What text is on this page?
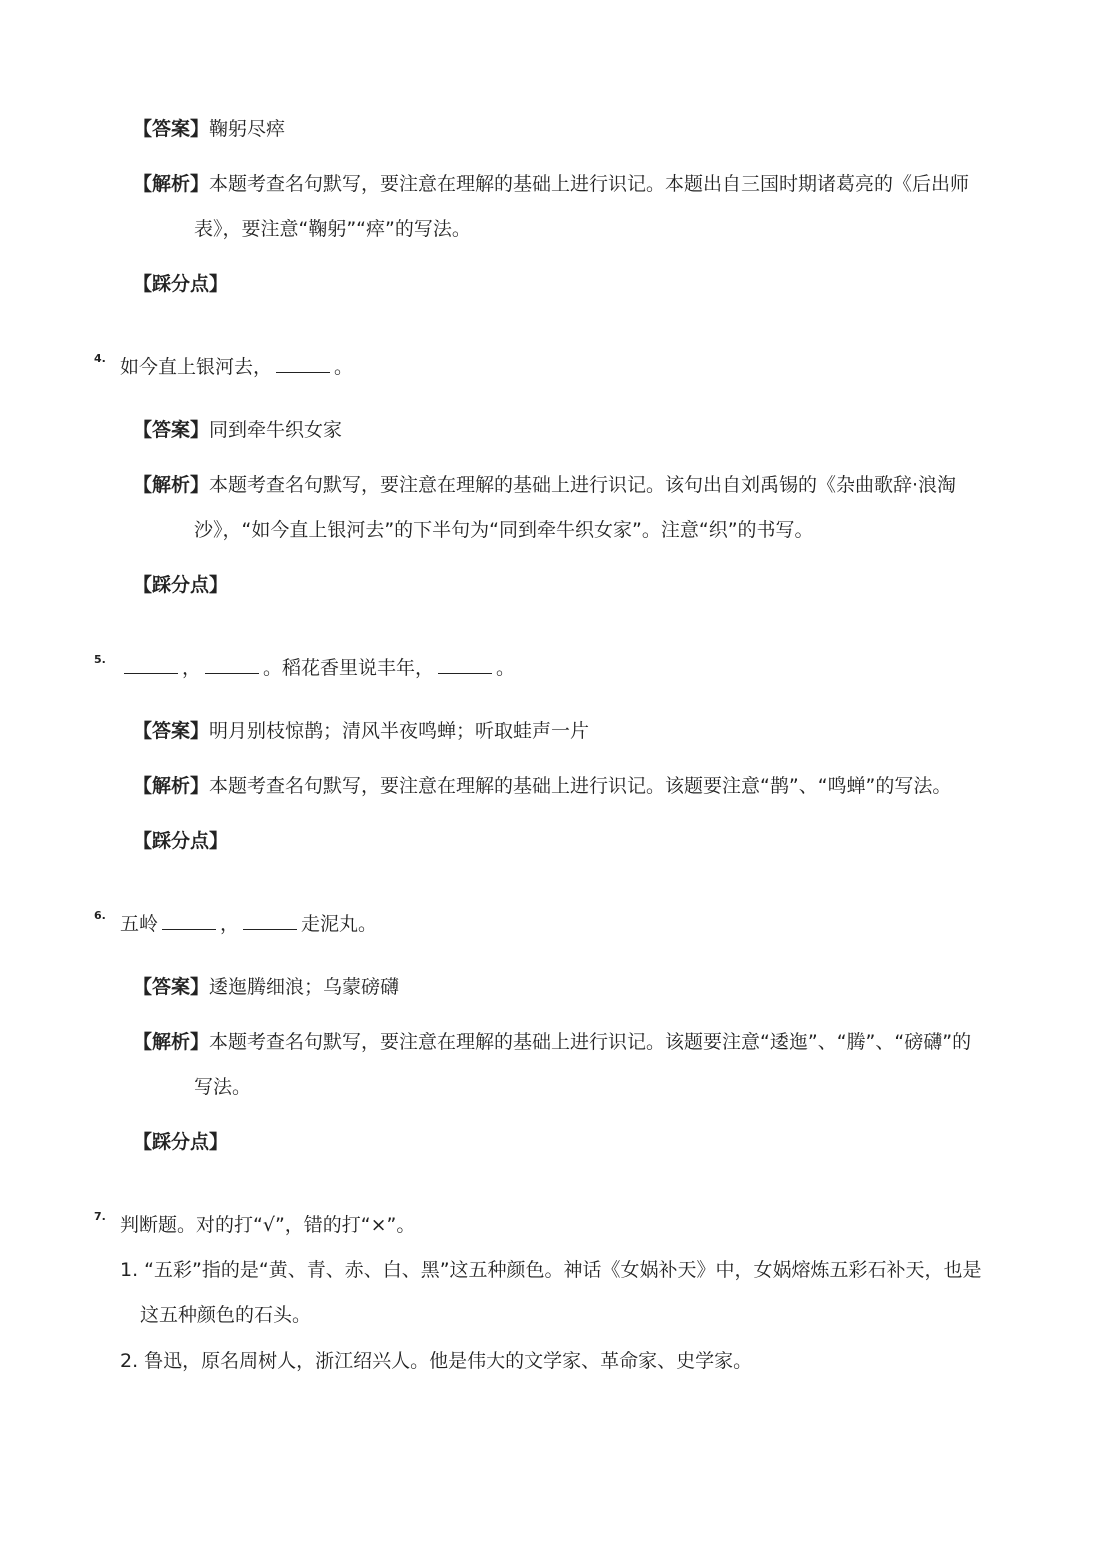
【答案】鞠躬尽瘁
【解析】本题考查名句默写，要注意在理解的基础上进行识记。本题出自三国时期诸葛亮的《后出师
表》，要注意“鞠躬”“瘁”的写法。
【踩分点】
4. 如今直上银河去，	。
【答案】同到牵牛织女家
【解析】本题考查名句默写，要注意在理解的基础上进行识记。该句出自刘禹锡的《杂曲歌辞·浪淘
沙》，“如今直上银河去”的下半句为“同到牵牛织女家”。注意“织”的书写。
【踩分点】
5.	，	。稻花香里说丰年，	。
【答案】明月别枝惊鹊；清风半夜鸣蝉；听取蛙声一片
【解析】本题考查名句默写，要注意在理解的基础上进行识记。该题要注意“鹊”、“鸣蝉”的写法。
【踩分点】
6. 五岭	，	走泥丸。
【答案】逶迤腾细浪；乌蒙磅礴
【解析】本题考查名句默写，要注意在理解的基础上进行识记。该题要注意“逶迤”、“腾”、“磅礴”的
写法。
【踩分点】
7. 判断题。对的打“√”，错的打“×”。
1. “五彩”指的是“黄、青、赤、白、黑”这五种颜色。神话《女娲补天》中，女娲熔炼五彩石补天，也是
这五种颜色的石头。
2. 鲁迅，原名周树人，浙江绍兴人。他是伟大的文学家、革命家、史学家。
